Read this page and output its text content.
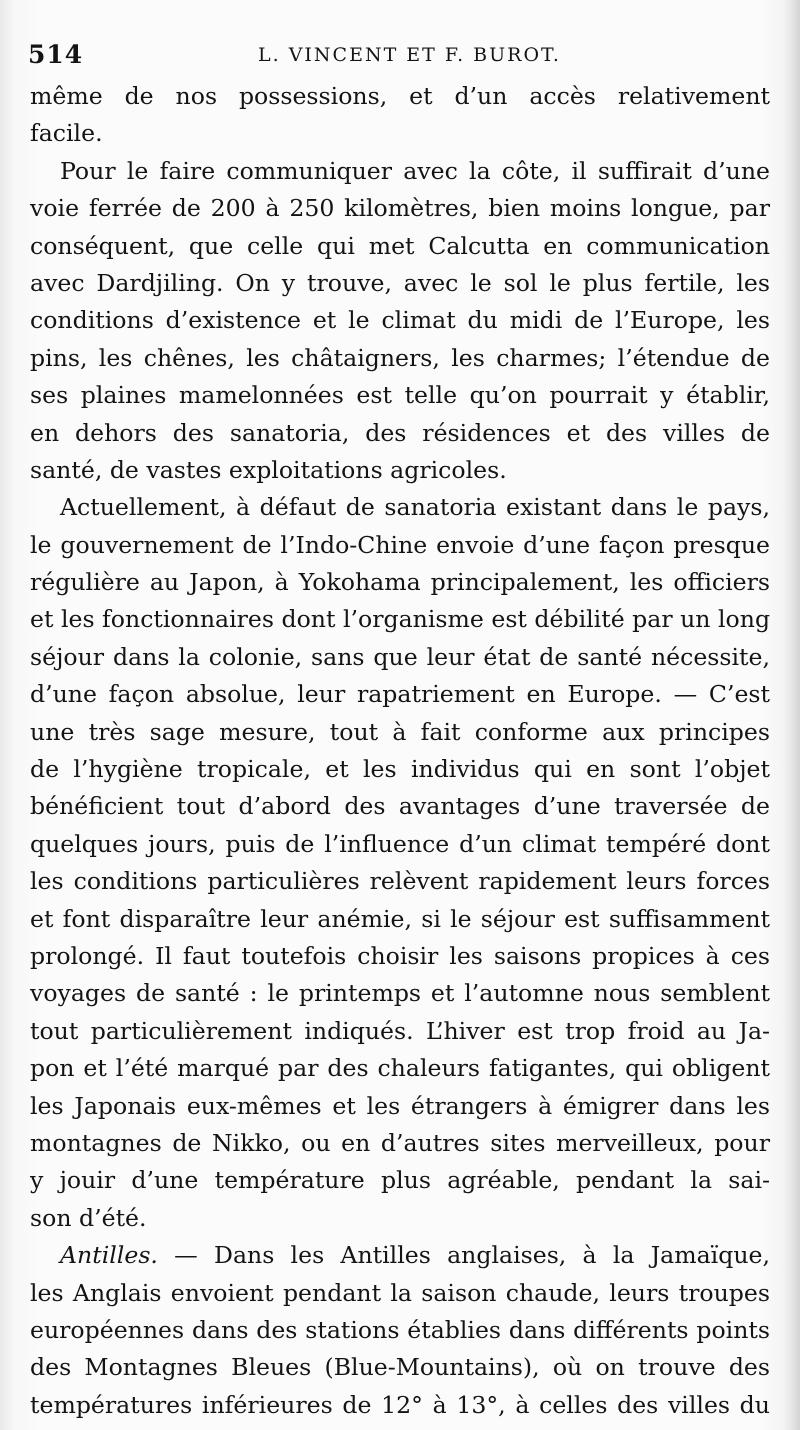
514	L. VINCENT ET F. BUROT.
même de nos possessions, et d’un accès relativement
facile.
Pour le faire communiquer avec la côte, il suffirait d’une
voie ferrée de 200 à 250 kilomètres, bien moins longue, par
conséquent, que celle qui met Calcutta en communication
avec Dardjiling. On y trouve, avec le sol le plus fertile, les
conditions d’existence et le climat du midi de l’Europe, les
pins, les chênes, les châtaigners, les charmes; l’étendue de
ses plaines mamelonnées est telle qu’on pourrait y établir,
en dehors des sanatoria, des résidences et des villes de
santé, de vastes exploitations agricoles.
Actuellement, à défaut de sanatoria existant dans le pays,
le gouvernement de l’Indo-Chine envoie d’une façon presque
régulière au Japon, à Yokohama principalement, les officiers
et les fonctionnaires dont l’organisme est débilité par un long
séjour dans la colonie, sans que leur état de santé nécessite,
d’une façon absolue, leur rapatriement en Europe. — C’est
une très sage mesure, tout à fait conforme aux principes
de l’hygiène tropicale, et les individus qui en sont l’objet
bénéficient tout d’abord des avantages d’une traversée de
quelques jours, puis de l’influence d’un climat tempéré dont
les conditions particulières relèvent rapidement leurs forces
et font disparaître leur anémie, si le séjour est suffisamment
prolongé. Il faut toutefois choisir les saisons propices à ces
voyages de santé : le printemps et l’automne nous semblent
tout particulièrement indiqués. L’hiver est trop froid au Ja-
pon et l’été marqué par des chaleurs fatigantes, qui obligent
les Japonais eux-mêmes et les étrangers à émigrer dans les
montagnes de Nikko, ou en d’autres sites merveilleux, pour
y jouir d’une température plus agréable, pendant la sai-
son d’été.
Antilles. — Dans les Antilles anglaises, à la Jamaïque,
les Anglais envoient pendant la saison chaude, leurs troupes
européennes dans des stations établies dans différents points
des Montagnes Bleues (Blue-Mountains), où on trouve des
températures inférieures de 12° à 13°, à celles des villes du
